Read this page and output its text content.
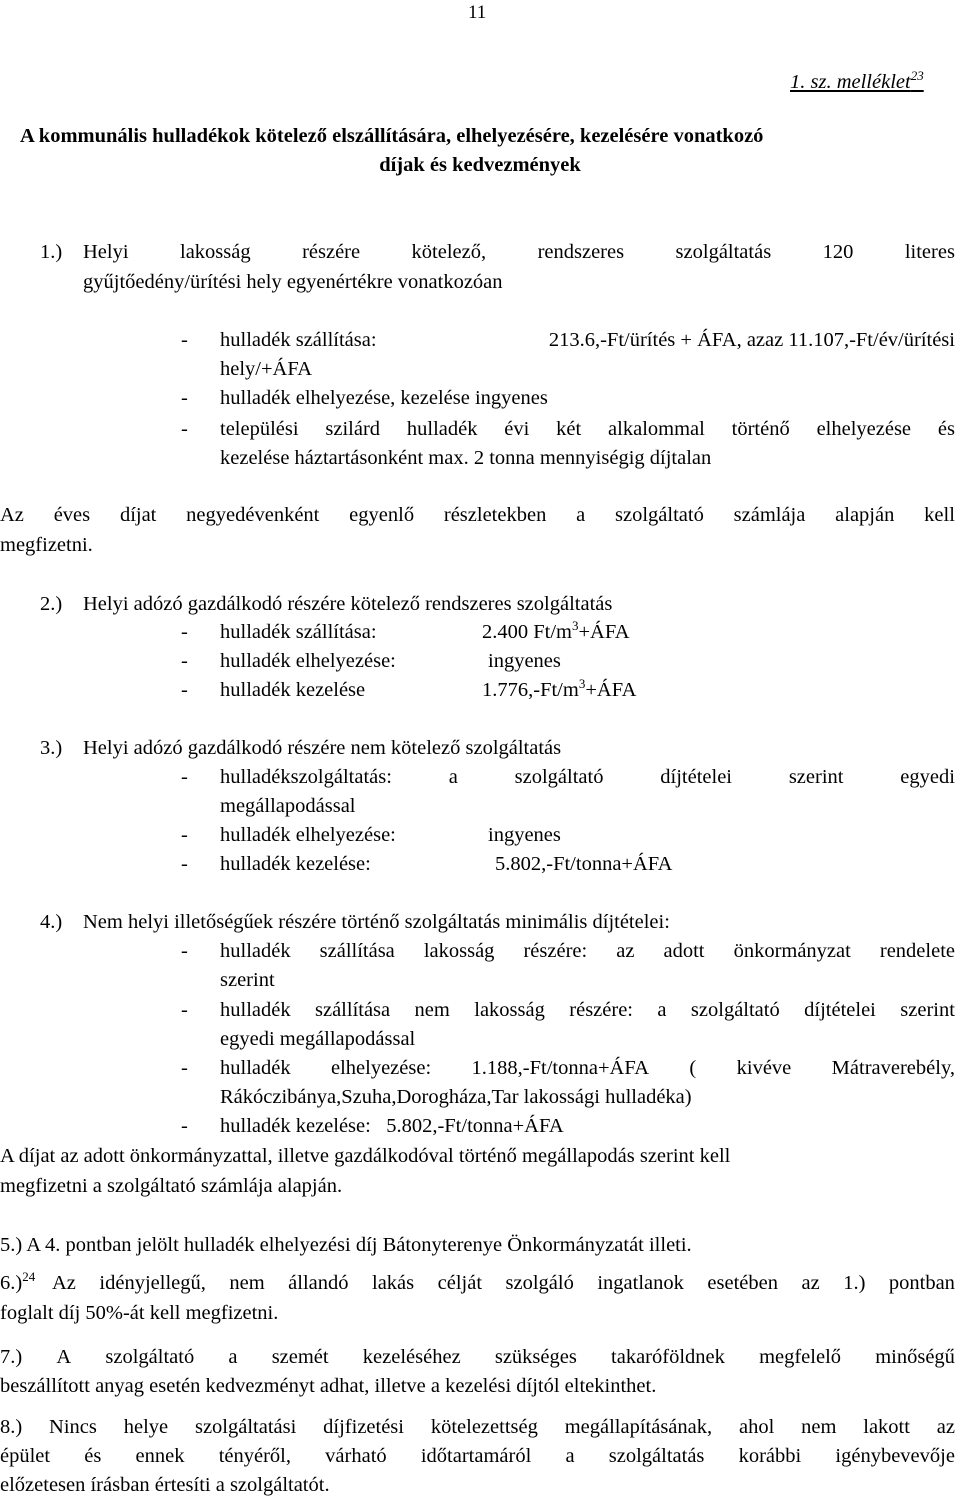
11
1. sz. melléklet$^{23}$
A kommunális hulladékok kötelező elszállítására, elhelyezésére, kezelésére vonatkozó
díjak és kedvezmények
1.) Helyi	lakosság	részére	kötelező,	rendszeres	szolgáltatás	120	literes
gyűjtőedény/ürítési hely egyenértékre vonatkozóan
- hulladék szállítása:	213.6,-Ft/ürítés + ÁFA, azaz 11.107,-Ft/év/ürítési
hely/+ÁFA
- hulladék elhelyezése, kezelése ingyenes
- települési szilárd hulladék évi két alkalommal történő elhelyezése és
kezelése háztartásonként max. 2 tonna mennyiségig díjtalan
Az éves díjat negyedévenként egyenlő részletekben a szolgáltató számlája alapján kell
megfizetni.
2.) Helyi adózó gazdálkodó részére kötelező rendszeres szolgáltatás
- hulladék szállítása:	2.400 $Ft/m^3+ÁFA$
- hulladék elhelyezése:	ingyenes
- hulladék kezelése	$1.776,-Ft/m^3+ÁFA$
3.) Helyi adózó gazdálkodó részére nem kötelező szolgáltatás
- hulladékszolgáltatás:	a	szolgáltató	díjtételei	szerint	egyedi
megállapodással
- hulladék elhelyezése:	ingyenes
- hulladék kezelése:	5.802,-Ft/tonna+ÁFA
4.) Nem helyi illetőségűek részére történő szolgáltatás minimális díjtételei:
- hulladék szállítása lakosság részére: az adott önkormányzat rendelete
szerint
- hulladék szállítása nem lakosság részére: a szolgáltató díjtételei szerint
egyedi megállapodással
- hulladék elhelyezése: 1.188,-Ft/tonna+ÁFA ( kivéve Mátraverebély,
Rákóczibánya,Szuha,Dorogháza,Tar lakossági hulladéka)
- hulladék kezelése:   5.802,-Ft/tonna+ÁFA
A díjat az adott önkormányzattal, illetve gazdálkodóval történő megállapodás szerint kell
megfizetni a szolgáltató számlája alapján.
5.) A 4. pontban jelölt hulladék elhelyezési díj Bátonyterenye Önkormányzatát illeti.
6.)$^{24}$ Az idényjellegű, nem állandó lakás célját szolgáló ingatlanok esetében az 1.) pontban
foglalt díj 50%-át kell megfizetni.
7.) A szolgáltató a szemét kezeléséhez szükséges takaróföldnek megfelelő minőségű
beszállított anyag esetén kedvezményt adhat, illetve a kezelési díjtól eltekinthet.
8.) Nincs helye szolgáltatási díjfizetési kötelezettség megállapításának, ahol nem lakott az
épület és ennek tényéről, várható időtartamáról a szolgáltatás korábbi igénybevevője
előzetesen írásban értesíti a szolgáltatót.
